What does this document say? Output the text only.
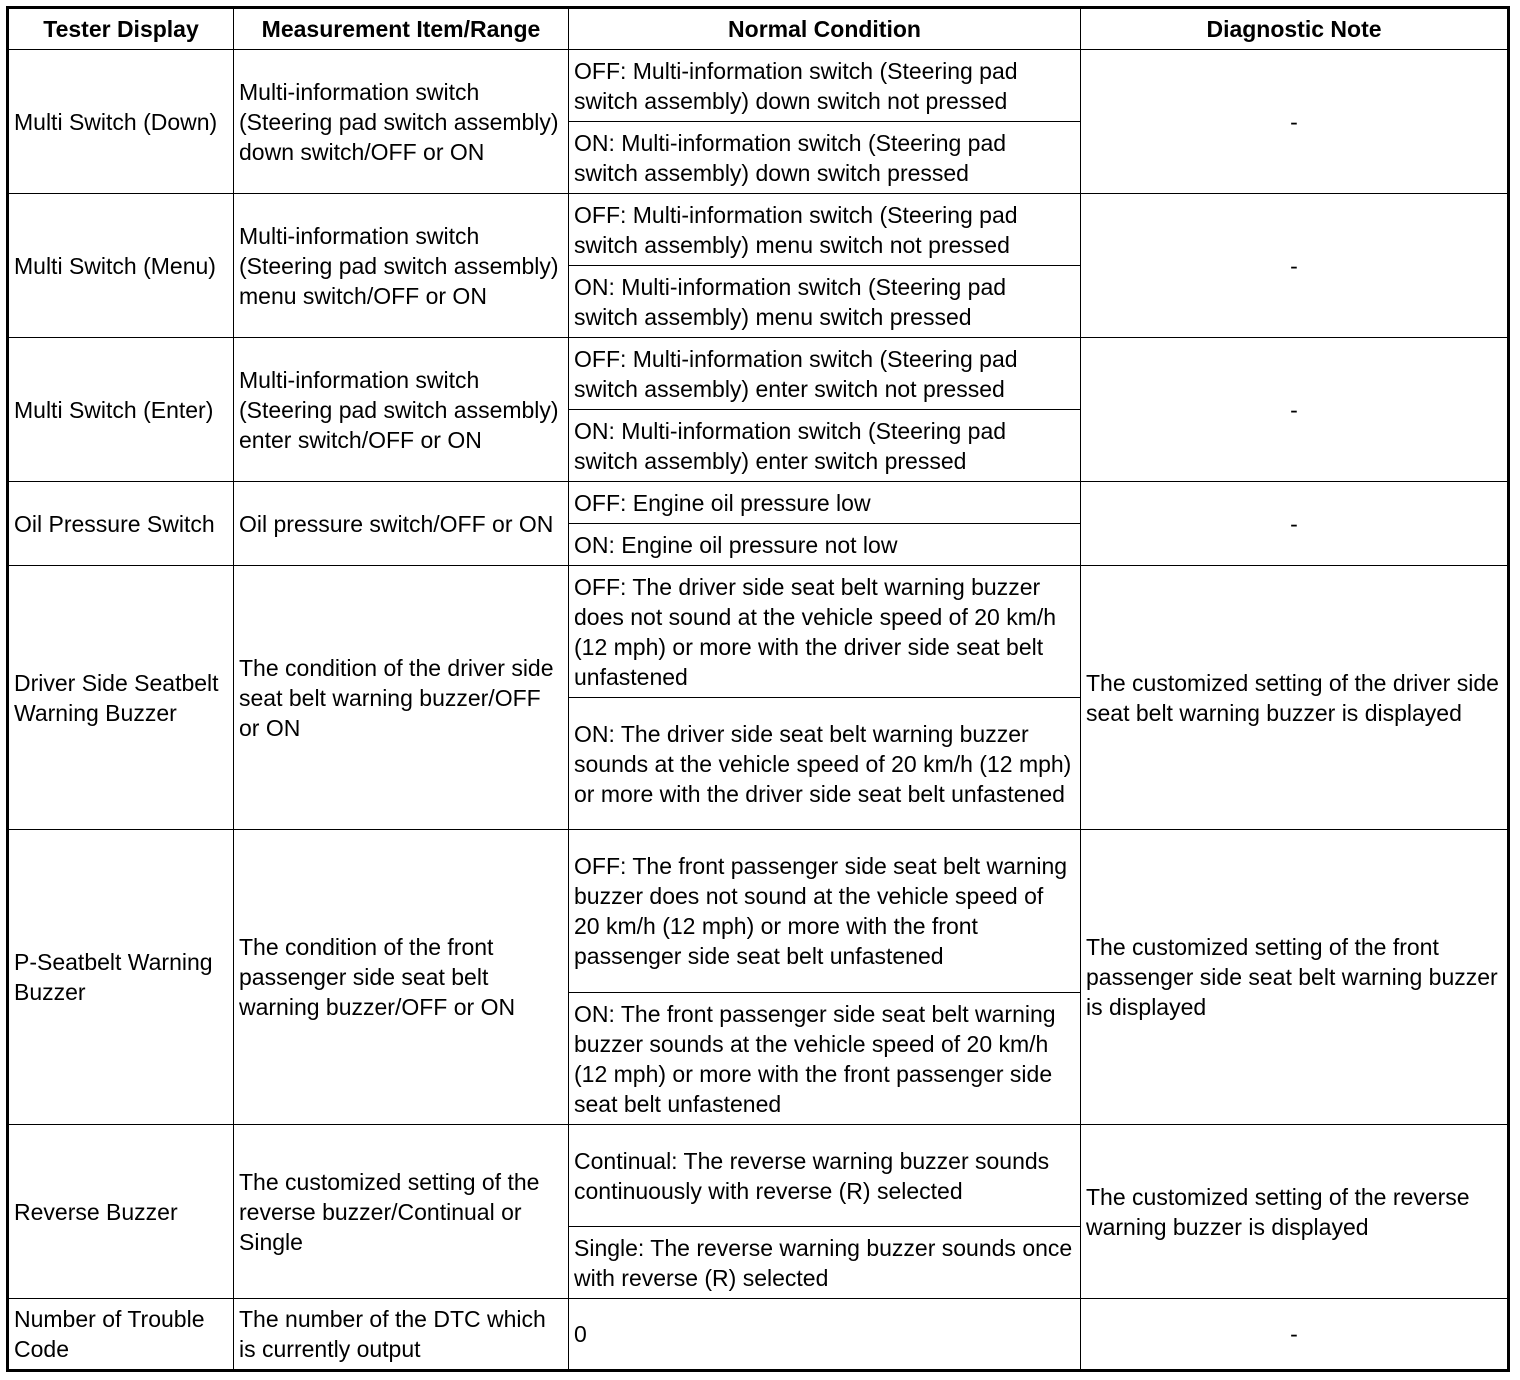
Tester Display	Measurement Item/Range	Normal Condition	Diagnostic Note
Multi Switch (Down)	Multi-information switch (Steering pad switch assembly) down switch/OFF or ON	OFF: Multi-information switch (Steering pad switch assembly) down switch not pressed	-
		ON: Multi-information switch (Steering pad switch assembly) down switch pressed	
Multi Switch (Menu)	Multi-information switch (Steering pad switch assembly) menu switch/OFF or ON	OFF: Multi-information switch (Steering pad switch assembly) menu switch not pressed	-
		ON: Multi-information switch (Steering pad switch assembly) menu switch pressed	
Multi Switch (Enter)	Multi-information switch (Steering pad switch assembly) enter switch/OFF or ON	OFF: Multi-information switch (Steering pad switch assembly) enter switch not pressed	-
		ON: Multi-information switch (Steering pad switch assembly) enter switch pressed	
Oil Pressure Switch	Oil pressure switch/OFF or ON	OFF: Engine oil pressure low	-
		ON: Engine oil pressure not low	
Driver Side Seatbelt Warning Buzzer	The condition of the driver side seat belt warning buzzer/OFF or ON	OFF: The driver side seat belt warning buzzer does not sound at the vehicle speed of 20 km/h (12 mph) or more with the driver side seat belt unfastened	The customized setting of the driver side seat belt warning buzzer is displayed
		ON: The driver side seat belt warning buzzer sounds at the vehicle speed of 20 km/h (12 mph) or more with the driver side seat belt unfastened	
P-Seatbelt Warning Buzzer	The condition of the front passenger side seat belt warning buzzer/OFF or ON	OFF: The front passenger side seat belt warning buzzer does not sound at the vehicle speed of 20 km/h (12 mph) or more with the front passenger side seat belt unfastened	The customized setting of the front passenger side seat belt warning buzzer is displayed
		ON: The front passenger side seat belt warning buzzer sounds at the vehicle speed of 20 km/h (12 mph) or more with the front passenger side seat belt unfastened	
Reverse Buzzer	The customized setting of the reverse buzzer/Continual or Single	Continual: The reverse warning buzzer sounds continuously with reverse (R) selected	The customized setting of the reverse warning buzzer is displayed
		Single: The reverse warning buzzer sounds once with reverse (R) selected	
Number of Trouble Code	The number of the DTC which is currently output	0	-
